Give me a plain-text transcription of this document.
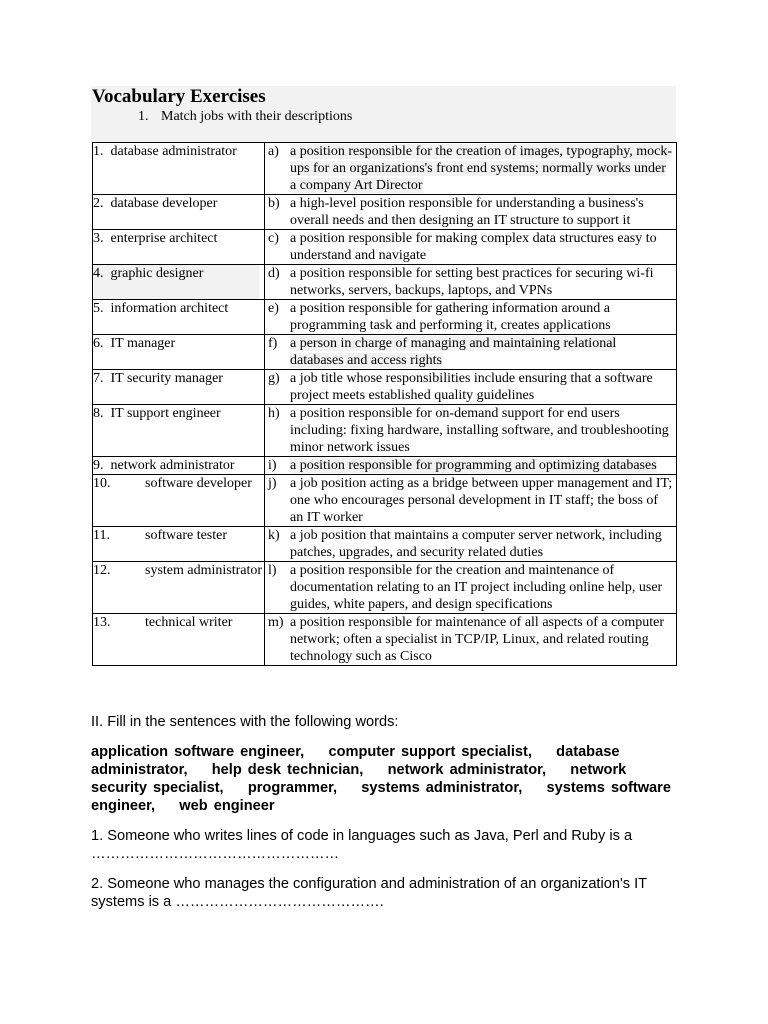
Vocabulary Exercises
1. Match jobs with their descriptions
1. database administrator	a) a position responsible for the creation of images, typography, mock-ups for an organizations's front end systems; normally works under a company Art Director
2. database developer	b) a high-level position responsible for understanding a business's overall needs and then designing an IT structure to support it
3. enterprise architect	c) a position responsible for making complex data structures easy to understand and navigate
4. graphic designer	d) a position responsible for setting best practices for securing wi-fi networks, servers, backups, laptops, and VPNs
5. information architect	e) a position responsible for gathering information around a programming task and performing it, creates applications
6. IT manager	f) a person in charge of managing and maintaining relational databases and access rights
7. IT security manager	g) a job title whose responsibilities include ensuring that a software project meets established quality guidelines
8. IT support engineer	h) a position responsible for on-demand support for end users including: fixing hardware, installing software, and troubleshooting minor network issues
9. network administrator	i) a position responsible for programming and optimizing databases
10. software developer	j) a job position acting as a bridge between upper management and IT; one who encourages personal development in IT staff; the boss of an IT worker
11. software tester	k) a job position that maintains a computer server network, including patches, upgrades, and security related duties
12. system administrator	l) a position responsible for the creation and maintenance of documentation relating to an IT project including online help, user guides, white papers, and design specifications
13. technical writer	m) a position responsible for maintenance of all aspects of a computer network; often a specialist in TCP/IP, Linux, and related routing technology such as Cisco

II. Fill in the sentences with the following words:

application software engineer, computer support specialist, database administrator, help desk technician, network administrator, network security specialist, programmer, systems administrator, systems software engineer, web engineer

1. Someone who writes lines of code in languages such as Java, Perl and Ruby is a ……………………………………………

2. Someone who manages the configuration and administration of an organization's IT systems is a …………………………………….
